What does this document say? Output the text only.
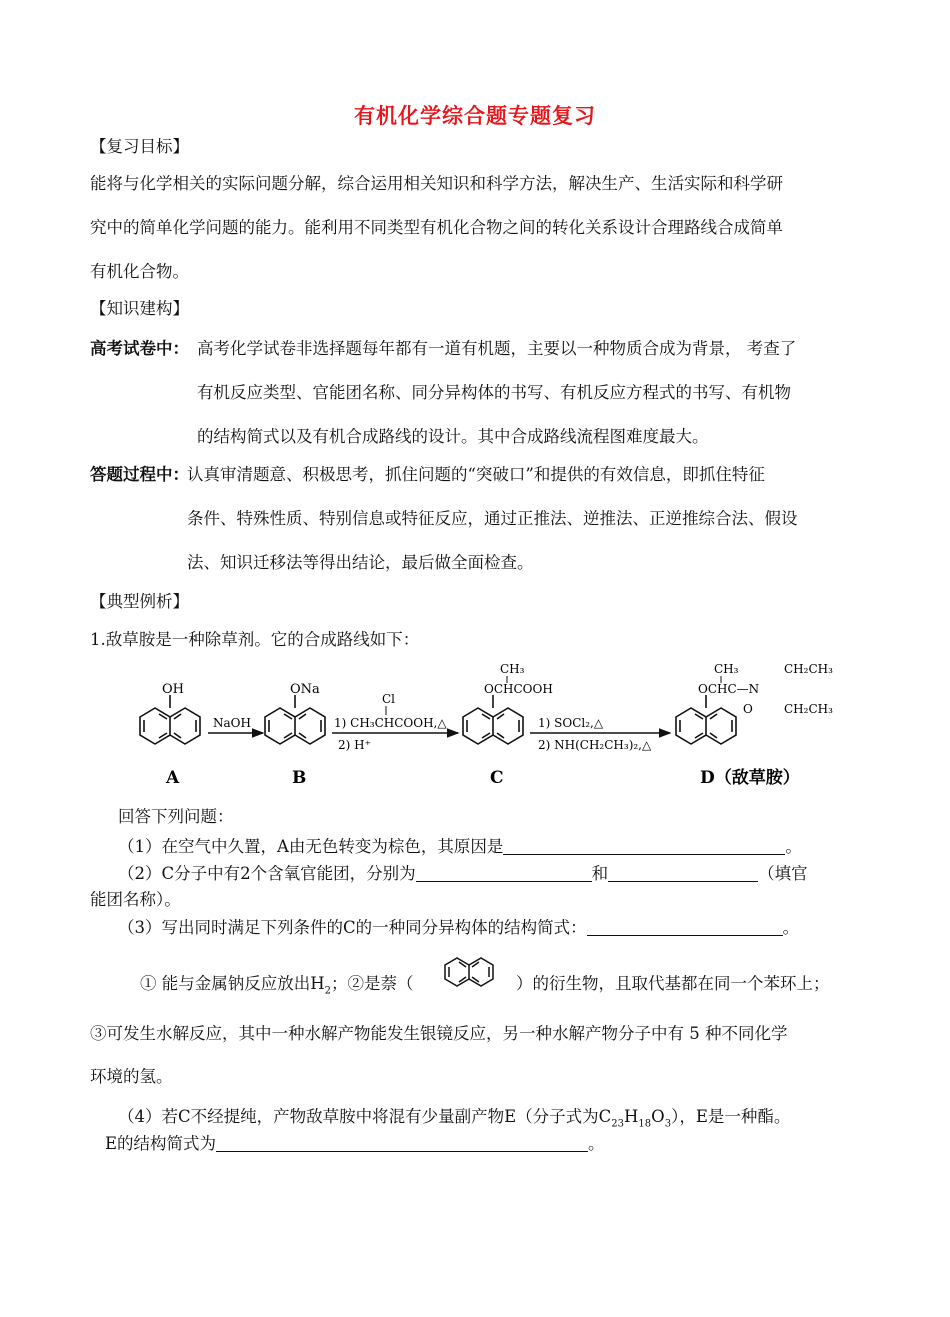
有机化学综合题专题复习
【复习目标】
能将与化学相关的实际问题分解，综合运用相关知识和科学方法，解决生产、生活实际和科学研
究中的简单化学问题的能力。能利用不同类型有机化合物之间的转化关系设计合理路线合成简单
有机化合物。
【知识建构】
高考试卷中： 高考化学试卷非选择题每年都有一道有机题，主要以一种物质合成为背景， 考查了
有机反应类型、官能团名称、同分异构体的书写、有机反应方程式的书写、有机物
的结构简式以及有机合成路线的设计。其中合成路线流程图难度最大。
答题过程中：
认真审清题意、积极思考，抓住问题的“突破口”和提供的有效信息，即抓住特征
条件、特殊性质、特别信息或特征反应，通过正推法、逆推法、正逆推综合法、假设
法、知识迁移法等得出结论，最后做全面检查。
【典型例析】
1.敌草胺是一种除草剂。它的合成路线如下：
OH
A
NaOH
ONa
B
Cl
1) CH₃CHCOOH,△
2) H⁺
OCHCOOH
CH₃
C
1) SOCl₂,△
2) NH(CH₂CH₃)₂,△
OCHC—N
CH₃
O
CH₂CH₃
CH₂CH₃
D（敌草胺）
回答下列问题：
（1）在空气中久置，A由无色转变为棕色，其原因是	。
（2）C分子中有2个含氧官能团，分别为	和	（填官
能团名称）。
（3）写出同时满足下列条件的C的一种同分异构体的结构简式：	。
① 能与金属钠反应放出$H_2$；②是萘（	）的衍生物，且取代基都在同一个苯环上；
③可发生水解反应，其中一种水解产物能发生银镜反应，另一种水解产物分子中有 5 种不同化学
环境的氢。
（4）若C不经提纯，产物敌草胺中将混有少量副产物E（分子式为$C_{23}H_{18}O_3$），E是一种酯。
E的结构简式为	。
